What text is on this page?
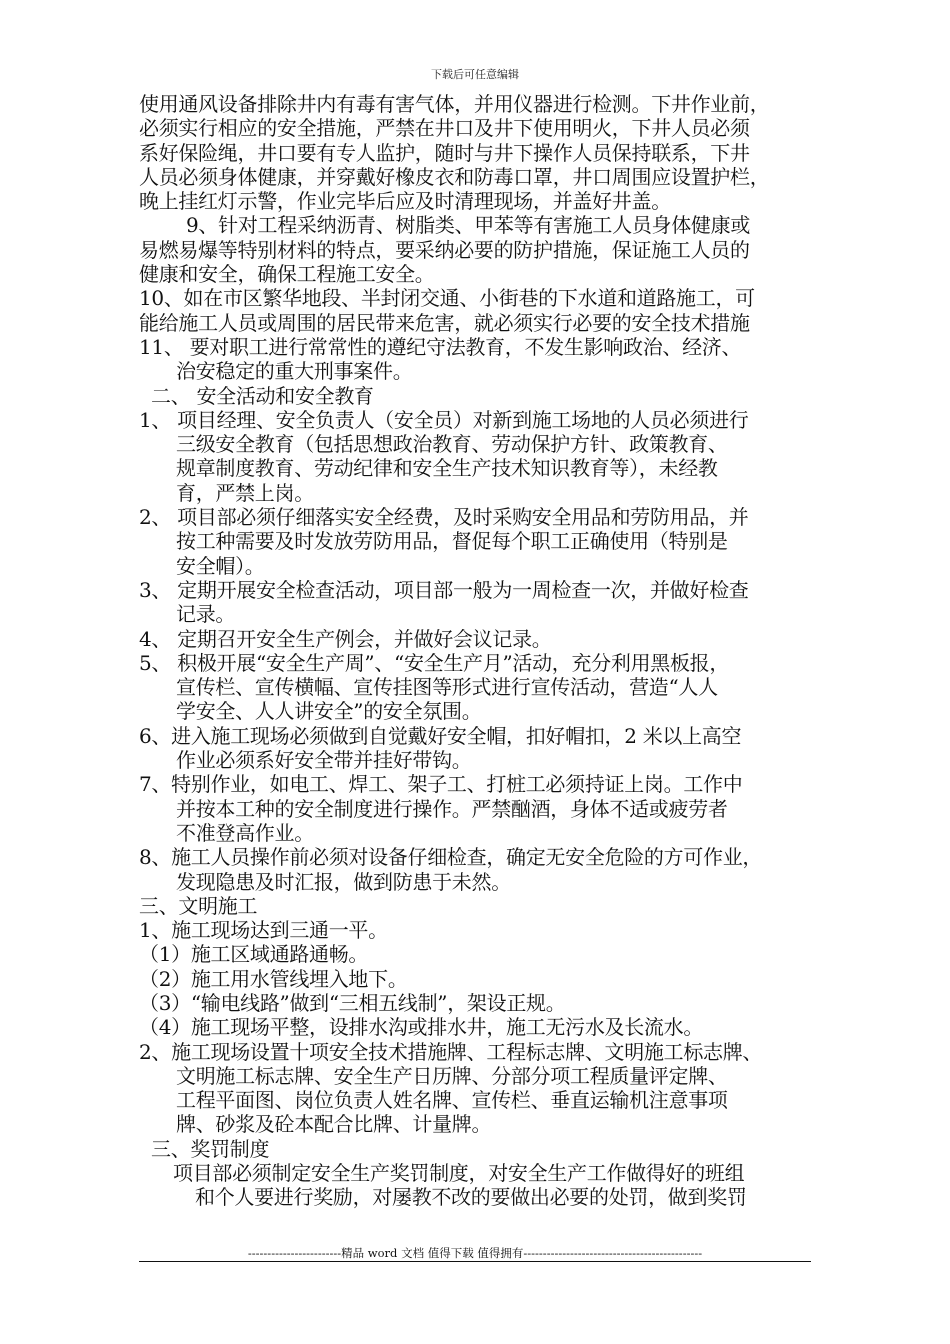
下载后可任意编辑
使用通风设备排除井内有毒有害气体，并用仪器进行检测。下井作业前，
必须实行相应的安全措施，严禁在井口及井下使用明火，下井人员必须
系好保险绳，井口要有专人监护，随时与井下操作人员保持联系，下井
人员必须身体健康，并穿戴好橡皮衣和防毒口罩，井口周围应设置护栏，
晚上挂红灯示警，作业完毕后应及时清理现场，并盖好井盖。
9、针对工程采纳沥青、树脂类、甲苯等有害施工人员身体健康或
易燃易爆等特别材料的特点，要采纳必要的防护措施，保证施工人员的
健康和安全，确保工程施工安全。
10、如在市区繁华地段、半封闭交通、小街巷的下水道和道路施工，可
能给施工人员或周围的居民带来危害，就必须实行必要的安全技术措施
11、 要对职工进行常常性的遵纪守法教育，不发生影响政治、经济、
治安稳定的重大刑事案件。
二、 安全活动和安全教育
1、 项目经理、安全负责人（安全员）对新到施工场地的人员必须进行
三级安全教育（包括思想政治教育、劳动保护方针、政策教育、
规章制度教育、劳动纪律和安全生产技术知识教育等），未经教
育，严禁上岗。
2、 项目部必须仔细落实安全经费，及时采购安全用品和劳防用品，并
按工种需要及时发放劳防用品，督促每个职工正确使用（特别是
安全帽）。
3、 定期开展安全检查活动，项目部一般为一周检查一次，并做好检查
记录。
4、 定期召开安全生产例会，并做好会议记录。
5、 积极开展“安全生产周”、“安全生产月”活动，充分利用黑板报，
宣传栏、宣传横幅、宣传挂图等形式进行宣传活动，营造“人人
学安全、人人讲安全”的安全氛围。
6、进入施工现场必须做到自觉戴好安全帽，扣好帽扣，2 米以上高空
作业必须系好安全带并挂好带钩。
7、特别作业，如电工、焊工、架子工、打桩工必须持证上岗。工作中
并按本工种的安全制度进行操作。严禁酗酒，身体不适或疲劳者
不准登高作业。
8、施工人员操作前必须对设备仔细检查，确定无安全危险的方可作业，
发现隐患及时汇报，做到防患于未然。
三、文明施工
1、施工现场达到三通一平。
（1）施工区域通路通畅。
（2）施工用水管线埋入地下。
（3）“输电线路”做到“三相五线制”，架设正规。
（4）施工现场平整，设排水沟或排水井，施工无污水及长流水。
2、施工现场设置十项安全技术措施牌、工程标志牌、文明施工标志牌、
文明施工标志牌、安全生产日历牌、分部分项工程质量评定牌、
工程平面图、岗位负责人姓名牌、宣传栏、垂直运输机注意事项
牌、砂浆及砼本配合比牌、计量牌。
三、奖罚制度
项目部必须制定安全生产奖罚制度，对安全生产工作做得好的班组
和个人要进行奖励，对屡教不改的要做出必要的处罚，做到奖罚
------------------------精品 word 文档 值得下载 值得拥有----------------------------------------------
